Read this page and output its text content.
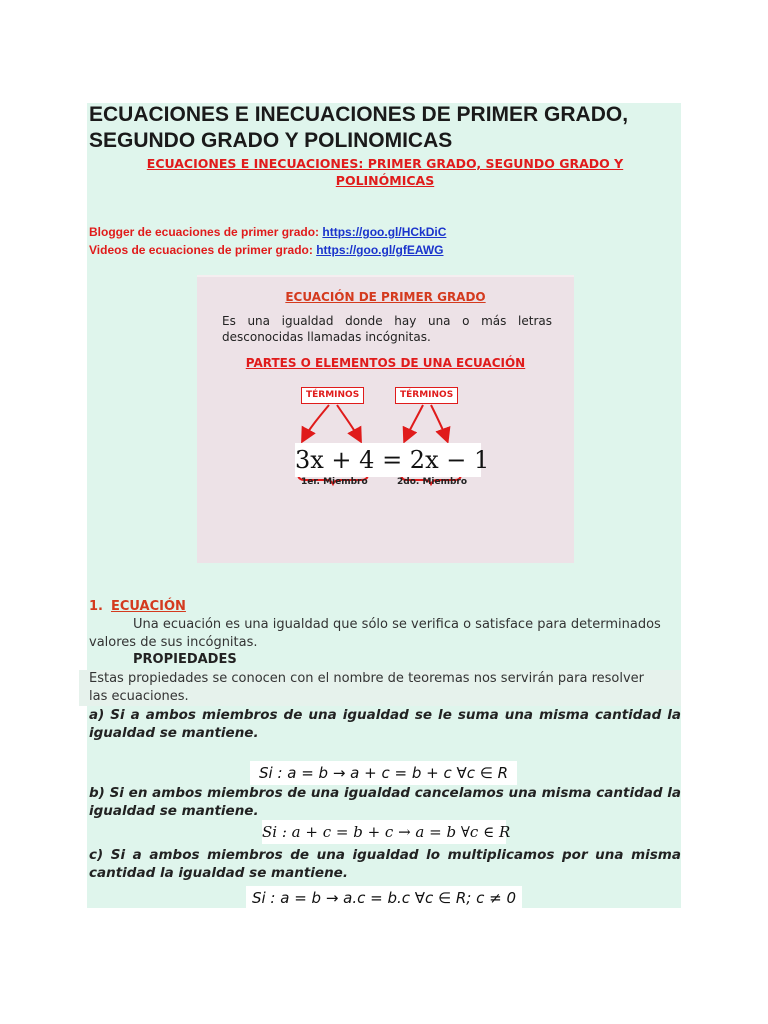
ECUACIONES E INECUACIONES DE PRIMER GRADO,
SEGUNDO GRADO Y POLINOMICAS
ECUACIONES E INECUACIONES: PRIMER GRADO, SEGUNDO GRADO Y
POLINÓMICAS
Blogger de ecuaciones de primer grado: https://goo.gl/HCkDiC
Videos de ecuaciones de primer grado: https://goo.gl/gfEAWG
ECUACIÓN DE PRIMER GRADO
Es una igualdad donde hay una o más letras desconocidas llamadas incógnitas.
PARTES O ELEMENTOS DE UNA ECUACIÓN
TÉRMINOS	TÉRMINOS
3x + 4 = 2x − 1
1er. Miembro	2do. Miembro
1. ECUACIÓN
Una ecuación es una igualdad que sólo se verifica o satisface para determinados
valores de sus incógnitas.
PROPIEDADES
Estas propiedades se conocen con el nombre de teoremas nos servirán para resolver
las ecuaciones.
a) Si a ambos miembros de una igualdad se le suma una misma cantidad la igualdad se mantiene.
Si : a = b → a + c = b + c ∀c ∈ R
b) Si en ambos miembros de una igualdad cancelamos una misma cantidad la igualdad se mantiene.
Si : a + c = b + c → a = b ∀c ∈ R
c) Si a ambos miembros de una igualdad lo multiplicamos por una misma cantidad la igualdad se mantiene.
Si : a = b → a.c = b.c ∀c ∈ R; c ≠ 0
